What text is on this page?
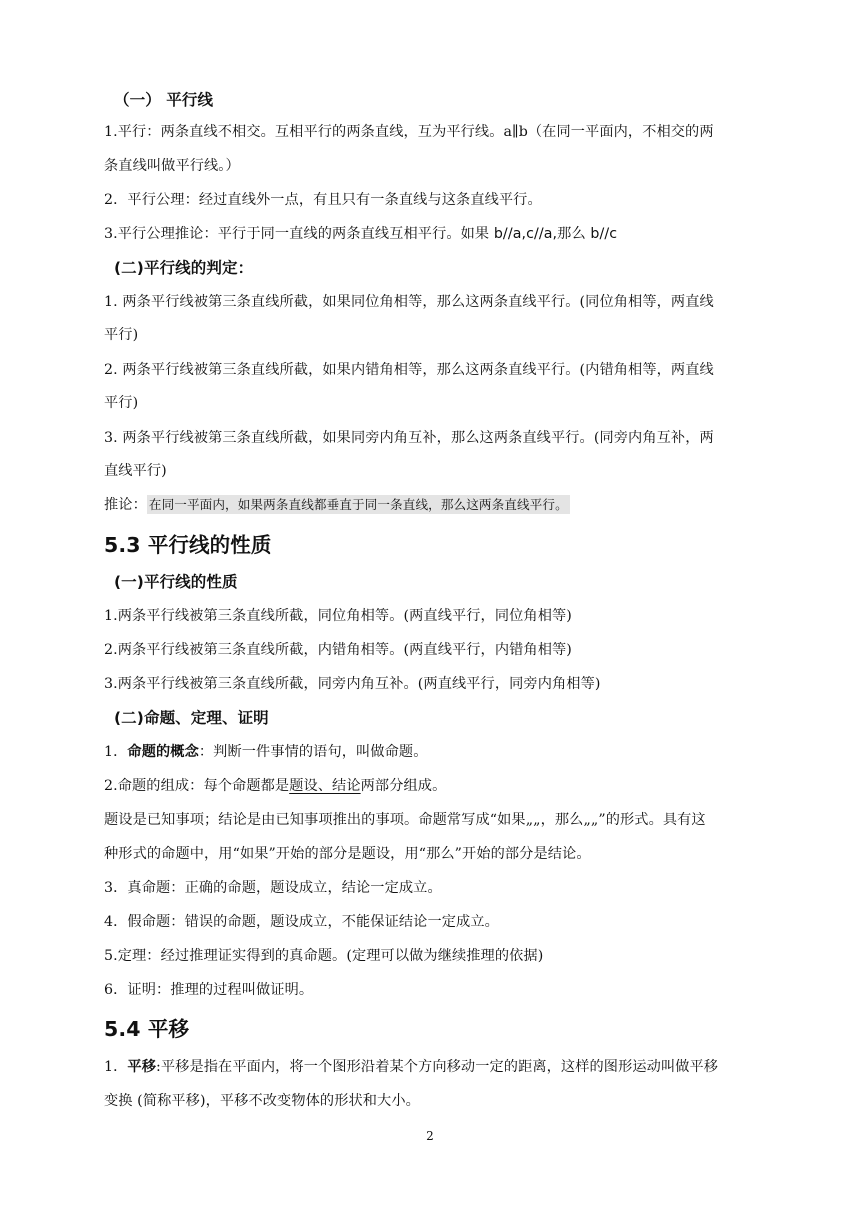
（一） 平行线
1.平行：两条直线不相交。互相平行的两条直线，互为平行线。a∥b（在同一平面内，不相交的两
条直线叫做平行线。）
2．平行公理：经过直线外一点，有且只有一条直线与这条直线平行。
3.平行公理推论：平行于同一直线的两条直线互相平行。如果 b//a,c//a,那么 b//c
(二)平行线的判定：
1. 两条平行线被第三条直线所截，如果同位角相等，那么这两条直线平行。(同位角相等，两直线
平行)
2. 两条平行线被第三条直线所截，如果内错角相等，那么这两条直线平行。(内错角相等，两直线
平行)
3. 两条平行线被第三条直线所截，如果同旁内角互补，那么这两条直线平行。(同旁内角互补，两
直线平行)
推论： 在同一平面内，如果两条直线都垂直于同一条直线，那么这两条直线平行。
5.3 平行线的性质
(一)平行线的性质
1.两条平行线被第三条直线所截，同位角相等。(两直线平行，同位角相等)
2.两条平行线被第三条直线所截，内错角相等。(两直线平行，内错角相等)
3.两条平行线被第三条直线所截，同旁内角互补。(两直线平行，同旁内角相等)
(二)命题、定理、证明
1．命题的概念：判断一件事情的语句，叫做命题。
2.命题的组成：每个命题都是题设、结论两部分组成。
题设是已知事项；结论是由已知事项推出的事项。命题常写成“如果„„，那么„„”的形式。具有这
种形式的命题中，用“如果”开始的部分是题设，用“那么”开始的部分是结论。
3．真命题：正确的命题，题设成立，结论一定成立。
4．假命题：错误的命题，题设成立，不能保证结论一定成立。
5.定理：经过推理证实得到的真命题。(定理可以做为继续推理的依据)
6．证明：推理的过程叫做证明。
5.4 平移
1．平移:平移是指在平面内，将一个图形沿着某个方向移动一定的距离，这样的图形运动叫做平移
变换 (简称平移)，平移不改变物体的形状和大小。
2
